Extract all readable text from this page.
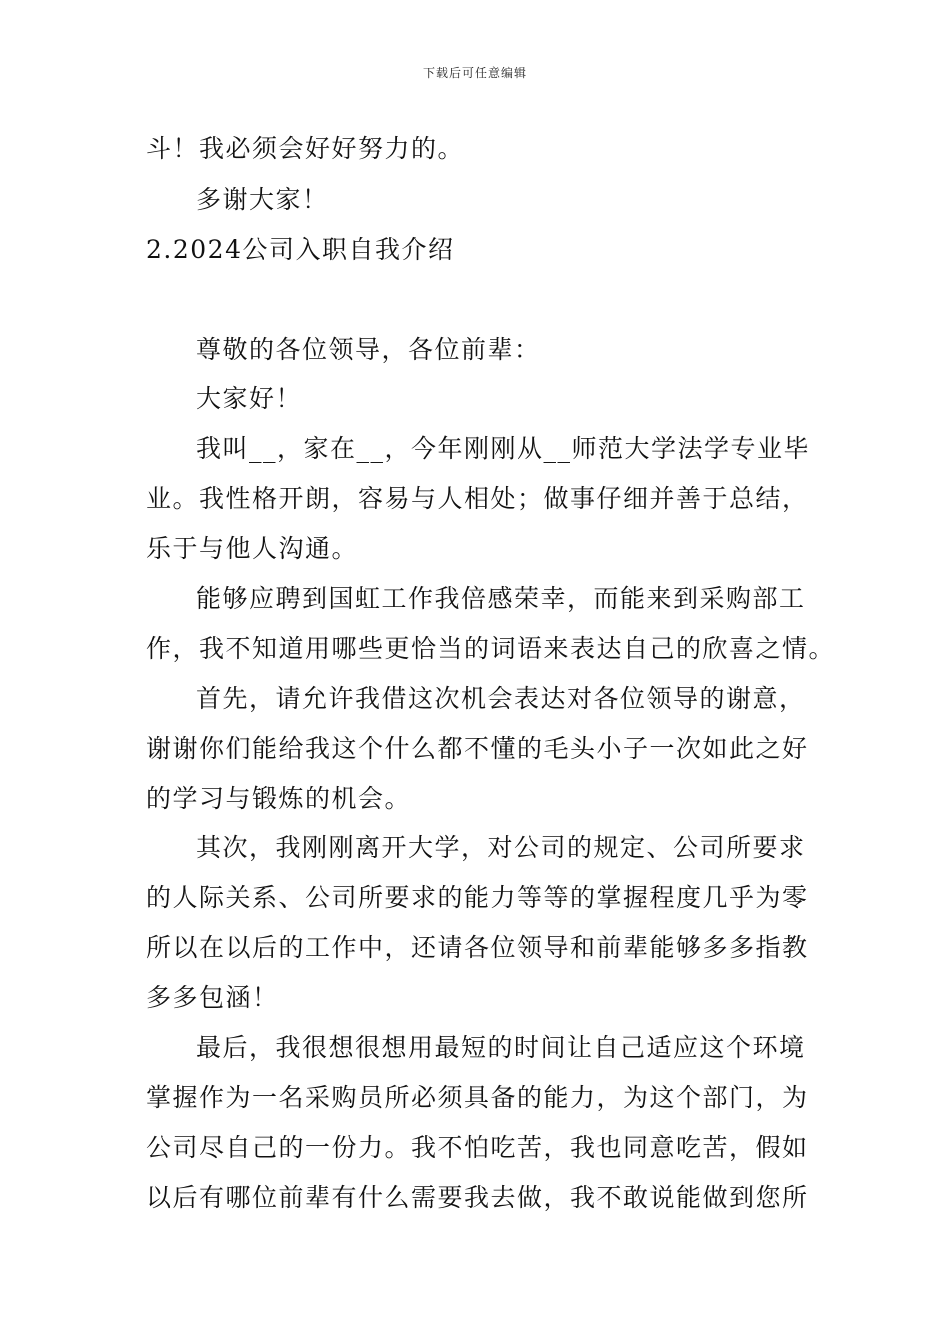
下载后可任意编辑
斗！我必须会好好努力的。
多谢大家！
2.2024公司入职自我介绍
尊敬的各位领导，各位前辈：
大家好！
我叫__，家在__，今年刚刚从__师范大学法学专业毕
业。我性格开朗，容易与人相处；做事仔细并善于总结，
乐于与他人沟通。
能够应聘到国虹工作我倍感荣幸，而能来到采购部工
作，我不知道用哪些更恰当的词语来表达自己的欣喜之情。
首先，请允许我借这次机会表达对各位领导的谢意，
谢谢你们能给我这个什么都不懂的毛头小子一次如此之好
的学习与锻炼的机会。
其次，我刚刚离开大学，对公司的规定、公司所要求
的人际关系、公司所要求的能力等等的掌握程度几乎为零
所以在以后的工作中，还请各位领导和前辈能够多多指教
多多包涵！
最后，我很想很想用最短的时间让自己适应这个环境
掌握作为一名采购员所必须具备的能力，为这个部门，为
公司尽自己的一份力。我不怕吃苦，我也同意吃苦，假如
以后有哪位前辈有什么需要我去做，我不敢说能做到您所
